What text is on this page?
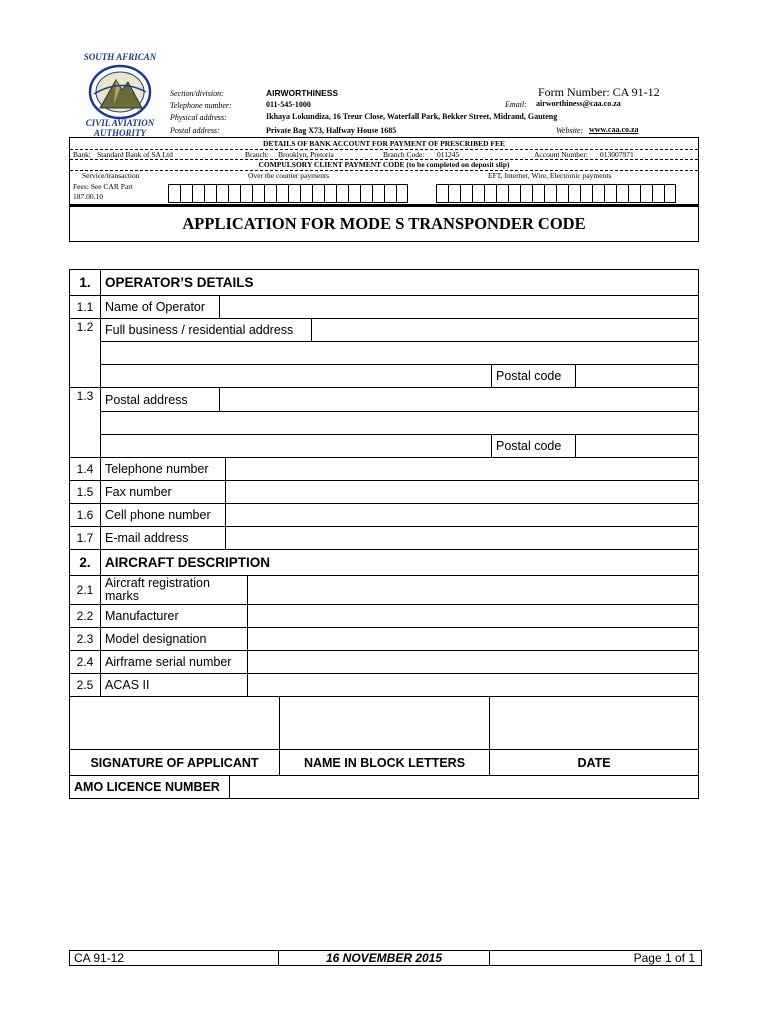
SOUTH AFRICAN
CIVIL AVIATION
AUTHORITY
Section/division:	AIRWORTHINESS
Telephone number:	011-545-1000
Physical address:	Ikhaya Lokundiza, 16 Treur Close, Waterfall Park, Bekker Street, Midrand, Gauteng
Postal address:	Private Bag X73, Halfway House 1685
Form Number: CA 91-12
Email: airworthiness@caa.co.za
Website: www.caa.co.za
DETAILS OF BANK ACCOUNT FOR PAYMENT OF PRESCRIBED FEE
Bank: Standard Bank of SA Ltd	Branch: Brooklyn, Pretoria	Branch Code: 011245	Account Number: 013007971
COMPULSORY CLIENT PAYMENT CODE (to be completed on deposit slip)
Service/transaction	Over the counter payments	EFT, Internet, Wire, Electronic payments
Fees: See CAR Part
187.00.10
APPLICATION FOR MODE S TRANSPONDER CODE
1.	OPERATOR’S DETAILS
1.1 Name of Operator
1.2 Full business / residential address
Postal code
1.3 Postal address
Postal code
1.4 Telephone number
1.5 Fax number
1.6 Cell phone number
1.7 E-mail address
2.	AIRCRAFT DESCRIPTION
2.1 Aircraft registration marks
2.2 Manufacturer
2.3 Model designation
2.4 Airframe serial number
2.5 ACAS II
SIGNATURE OF APPLICANT	NAME IN BLOCK LETTERS	DATE
AMO LICENCE NUMBER
CA 91-12	16 NOVEMBER 2015	Page 1 of 1
